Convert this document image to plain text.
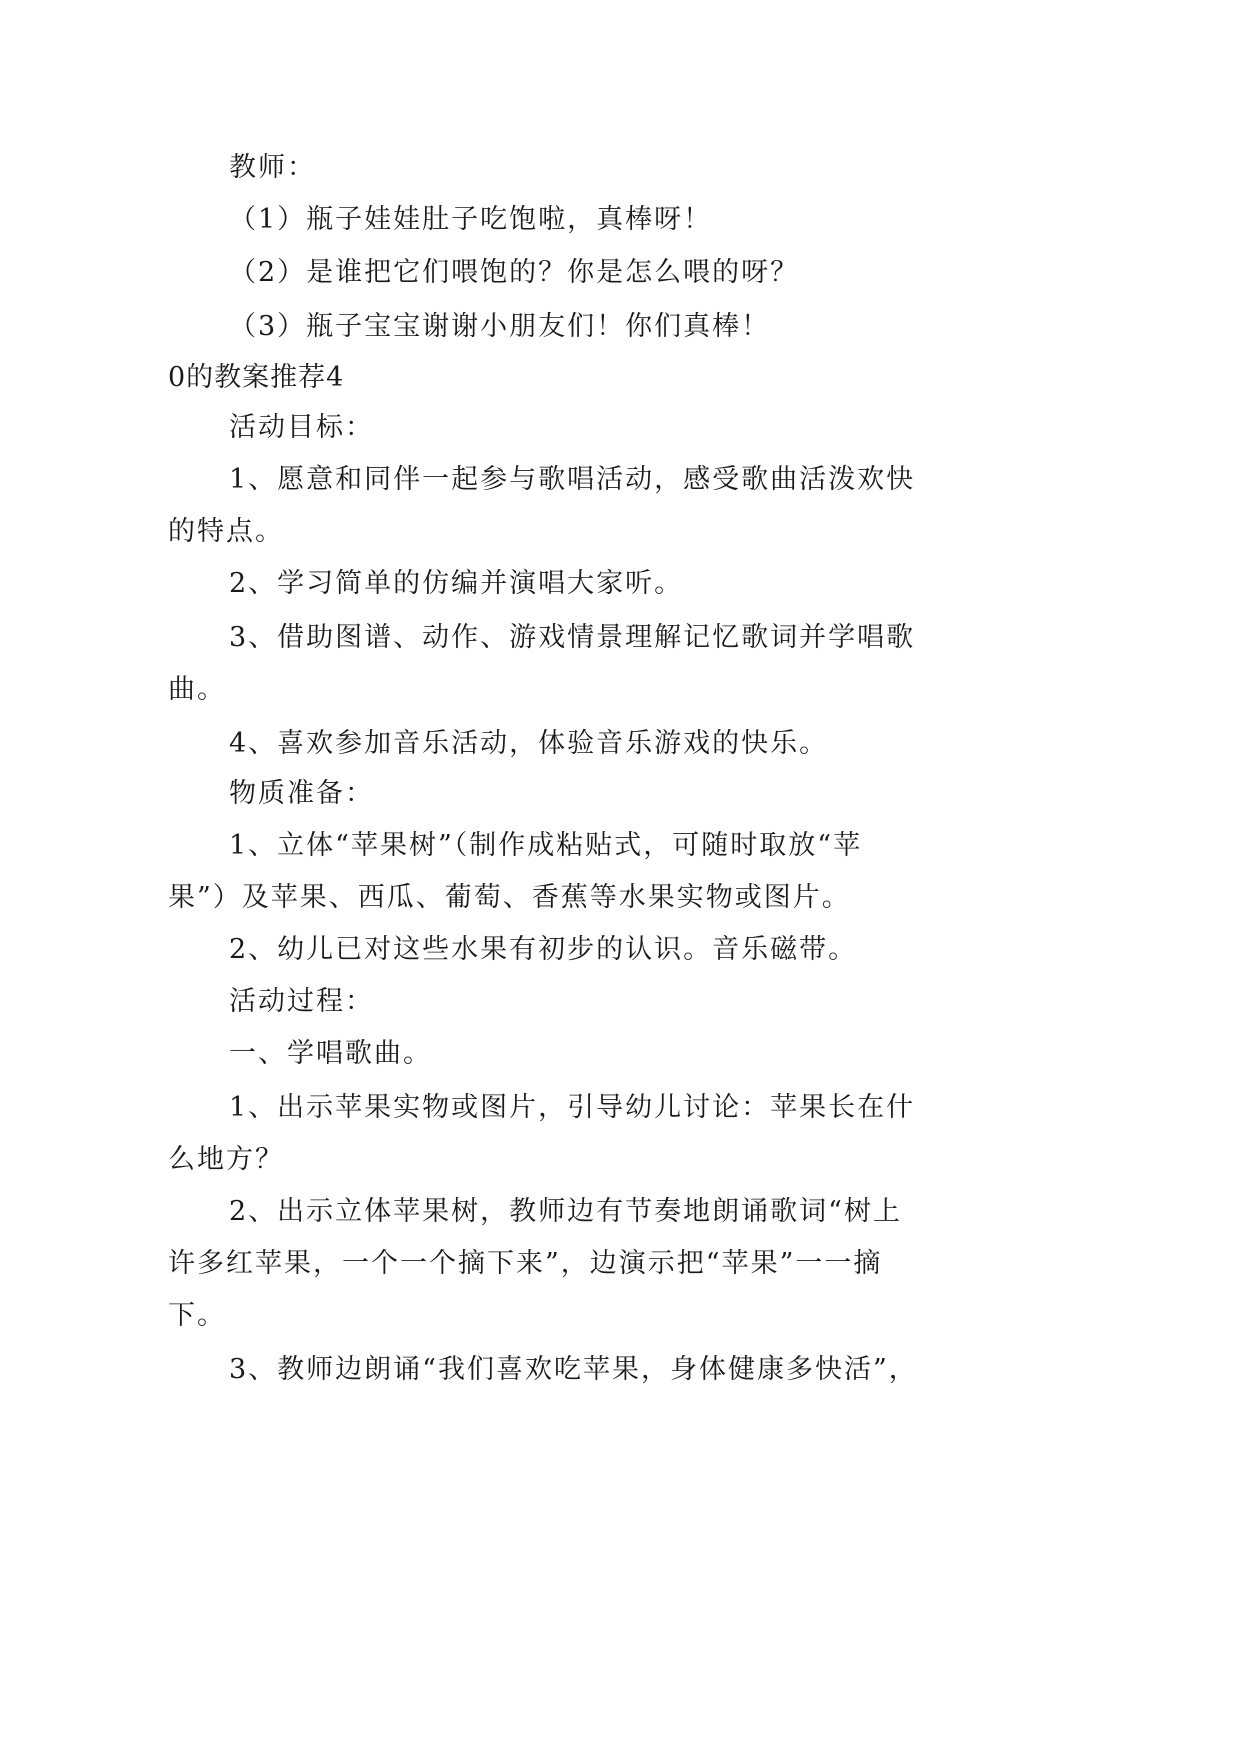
教师：

（1）瓶子娃娃肚子吃饱啦，真棒呀！

（2）是谁把它们喂饱的？你是怎么喂的呀？

（3）瓶子宝宝谢谢小朋友们！你们真棒！

0的教案推荐4

活动目标：

1、愿意和同伴一起参与歌唱活动，感受歌曲活泼欢快

的特点。

2、学习简单的仿编并演唱大家听。

3、借助图谱、动作、游戏情景理解记忆歌词并学唱歌

曲。

4、喜欢参加音乐活动，体验音乐游戏的快乐。

物质准备：

1、立体“苹果树”（制作成粘贴式，可随时取放“苹

果”）及苹果、西瓜、葡萄、香蕉等水果实物或图片。

2、幼儿已对这些水果有初步的认识。音乐磁带。

活动过程：

一、学唱歌曲。

1、出示苹果实物或图片，引导幼儿讨论：苹果长在什

么地方？

2、出示立体苹果树，教师边有节奏地朗诵歌词“树上

许多红苹果，一个一个摘下来”，边演示把“苹果”一一摘

下。

3、教师边朗诵“我们喜欢吃苹果，身体健康多快活”，
